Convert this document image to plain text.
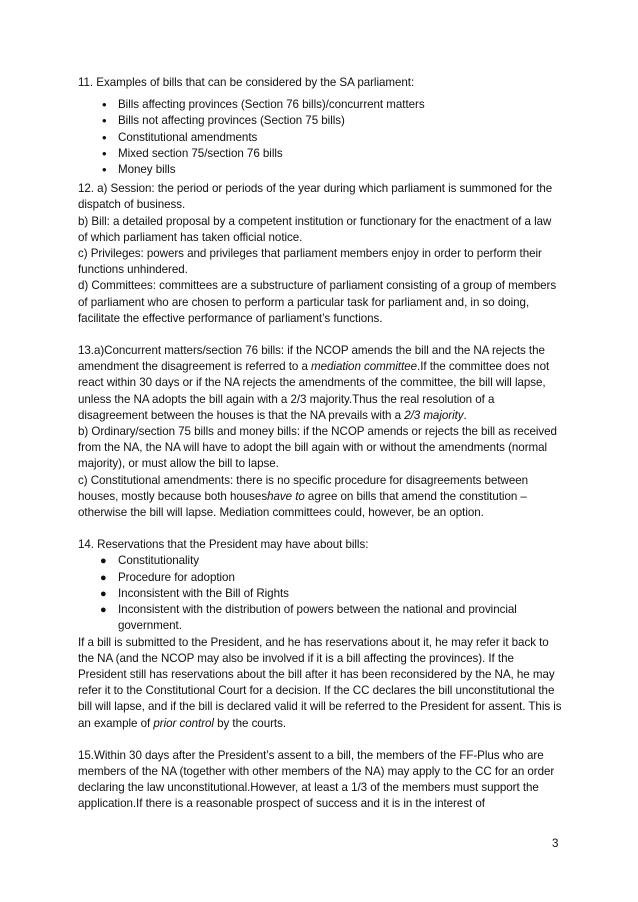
11. Examples of bills that can be considered by the SA parliament:

• Bills affecting provinces (Section 76 bills)/concurrent matters
• Bills not affecting provinces (Section 75 bills)
• Constitutional amendments
• Mixed section 75/section 76 bills
• Money bills

12. a) Session: the period or periods of the year during which parliament is summoned for the dispatch of business.

b) Bill: a detailed proposal by a competent institution or functionary for the enactment of a law of which parliament has taken official notice.

c) Privileges: powers and privileges that parliament members enjoy in order to perform their functions unhindered.

d) Committees: committees are a substructure of parliament consisting of a group of members of parliament who are chosen to perform a particular task for parliament and, in so doing, facilitate the effective performance of parliament’s functions.

13.a)Concurrent matters/section 76 bills: if the NCOP amends the bill and the NA rejects the amendment the disagreement is referred to a mediation committee.If the committee does not react within 30 days or if the NA rejects the amendments of the committee, the bill will lapse, unless the NA adopts the bill again with a 2/3 majority.Thus the real resolution of a disagreement between the houses is that the NA prevails with a 2/3 majority.

b) Ordinary/section 75 bills and money bills: if the NCOP amends or rejects the bill as received from the NA, the NA will have to adopt the bill again with or without the amendments (normal majority), or must allow the bill to lapse.

c) Constitutional amendments: there is no specific procedure for disagreements between houses, mostly because both houseshave to agree on bills that amend the constitution – otherwise the bill will lapse. Mediation committees could, however, be an option.

14. Reservations that the President may have about bills:

● Constitutionality
● Procedure for adoption
● Inconsistent with the Bill of Rights
● Inconsistent with the distribution of powers between the national and provincial government.

If a bill is submitted to the President, and he has reservations about it, he may refer it back to the NA (and the NCOP may also be involved if it is a bill affecting the provinces). If the President still has reservations about the bill after it has been reconsidered by the NA, he may refer it to the Constitutional Court for a decision. If the CC declares the bill unconstitutional the bill will lapse, and if the bill is declared valid it will be referred to the President for assent. This is an example of prior control by the courts.

15.Within 30 days after the President’s assent to a bill, the members of the FF-Plus who are members of the NA (together with other members of the NA) may apply to the CC for an order declaring the law unconstitutional.However, at least a 1/3 of the members must support the application.If there is a reasonable prospect of success and it is in the interest of

3
